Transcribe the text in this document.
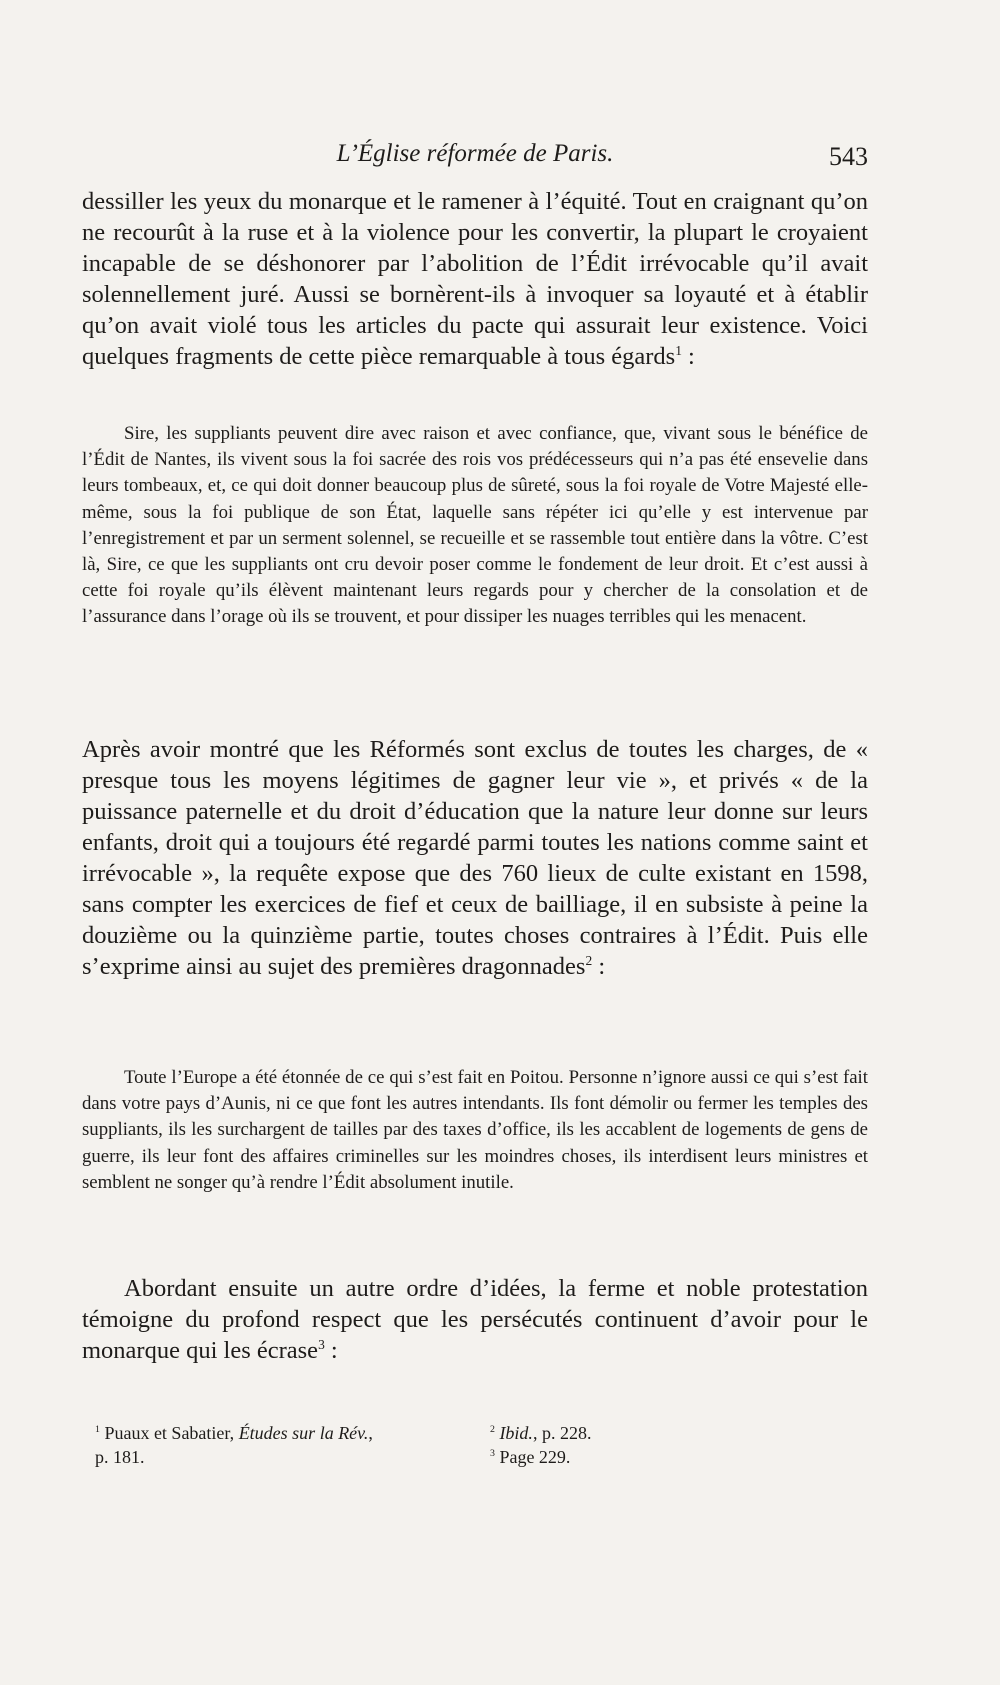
L’Église réformée de Paris.	543

dessiller les yeux du monarque et le ramener à l’équité. Tout en craignant qu’on ne recourût à la ruse et à la violence pour les convertir, la plupart le croyaient incapable de se déshonorer par l’abolition de l’Édit irrévocable qu’il avait solennellement juré. Aussi se bornèrent-ils à invoquer sa loyauté et à établir qu’on avait violé tous les articles du pacte qui assurait leur existence. Voici quelques fragments de cette pièce remarquable à tous égards$^1$ :

Sire, les suppliants peuvent dire avec raison et avec confiance, que, vivant sous le bénéfice de l’Édit de Nantes, ils vivent sous la foi sacrée des rois vos prédécesseurs qui n’a pas été ensevelie dans leurs tombeaux, et, ce qui doit donner beaucoup plus de sûreté, sous la foi royale de Votre Majesté elle-même, sous la foi publique de son État, laquelle sans répéter ici qu’elle y est intervenue par l’enregistrement et par un serment solennel, se recueille et se rassemble tout entière dans la vôtre. C’est là, Sire, ce que les suppliants ont cru devoir poser comme le fondement de leur droit. Et c’est aussi à cette foi royale qu’ils élèvent maintenant leurs regards pour y chercher de la consolation et de l’assurance dans l’orage où ils se trouvent, et pour dissiper les nuages terribles qui les menacent.

Après avoir montré que les Réformés sont exclus de toutes les charges, de « presque tous les moyens légitimes de gagner leur vie », et privés « de la puissance paternelle et du droit d’éducation que la nature leur donne sur leurs enfants, droit qui a toujours été regardé parmi toutes les nations comme saint et irrévocable », la requête expose que des 760 lieux de culte existant en 1598, sans compter les exercices de fief et ceux de bailliage, il en subsiste à peine la douzième ou la quinzième partie, toutes choses contraires à l’Édit. Puis elle s’exprime ainsi au sujet des premières dragonnades$^2$ :

Toute l’Europe a été étonnée de ce qui s’est fait en Poitou. Personne n’ignore aussi ce qui s’est fait dans votre pays d’Aunis, ni ce que font les autres intendants. Ils font démolir ou fermer les temples des suppliants, ils les surchargent de tailles par des taxes d’office, ils les accablent de logements de gens de guerre, ils leur font des affaires criminelles sur les moindres choses, ils interdisent leurs ministres et semblent ne songer qu’à rendre l’Édit absolument inutile.

Abordant ensuite un autre ordre d’idées, la ferme et noble protestation témoigne du profond respect que les persécutés continuent d’avoir pour le monarque qui les écrase$^3$ :

$^1$ Puaux et Sabatier, Études sur la Rév.,
p. 181.
$^2$ Ibid., p. 228.
$^3$ Page 229.
